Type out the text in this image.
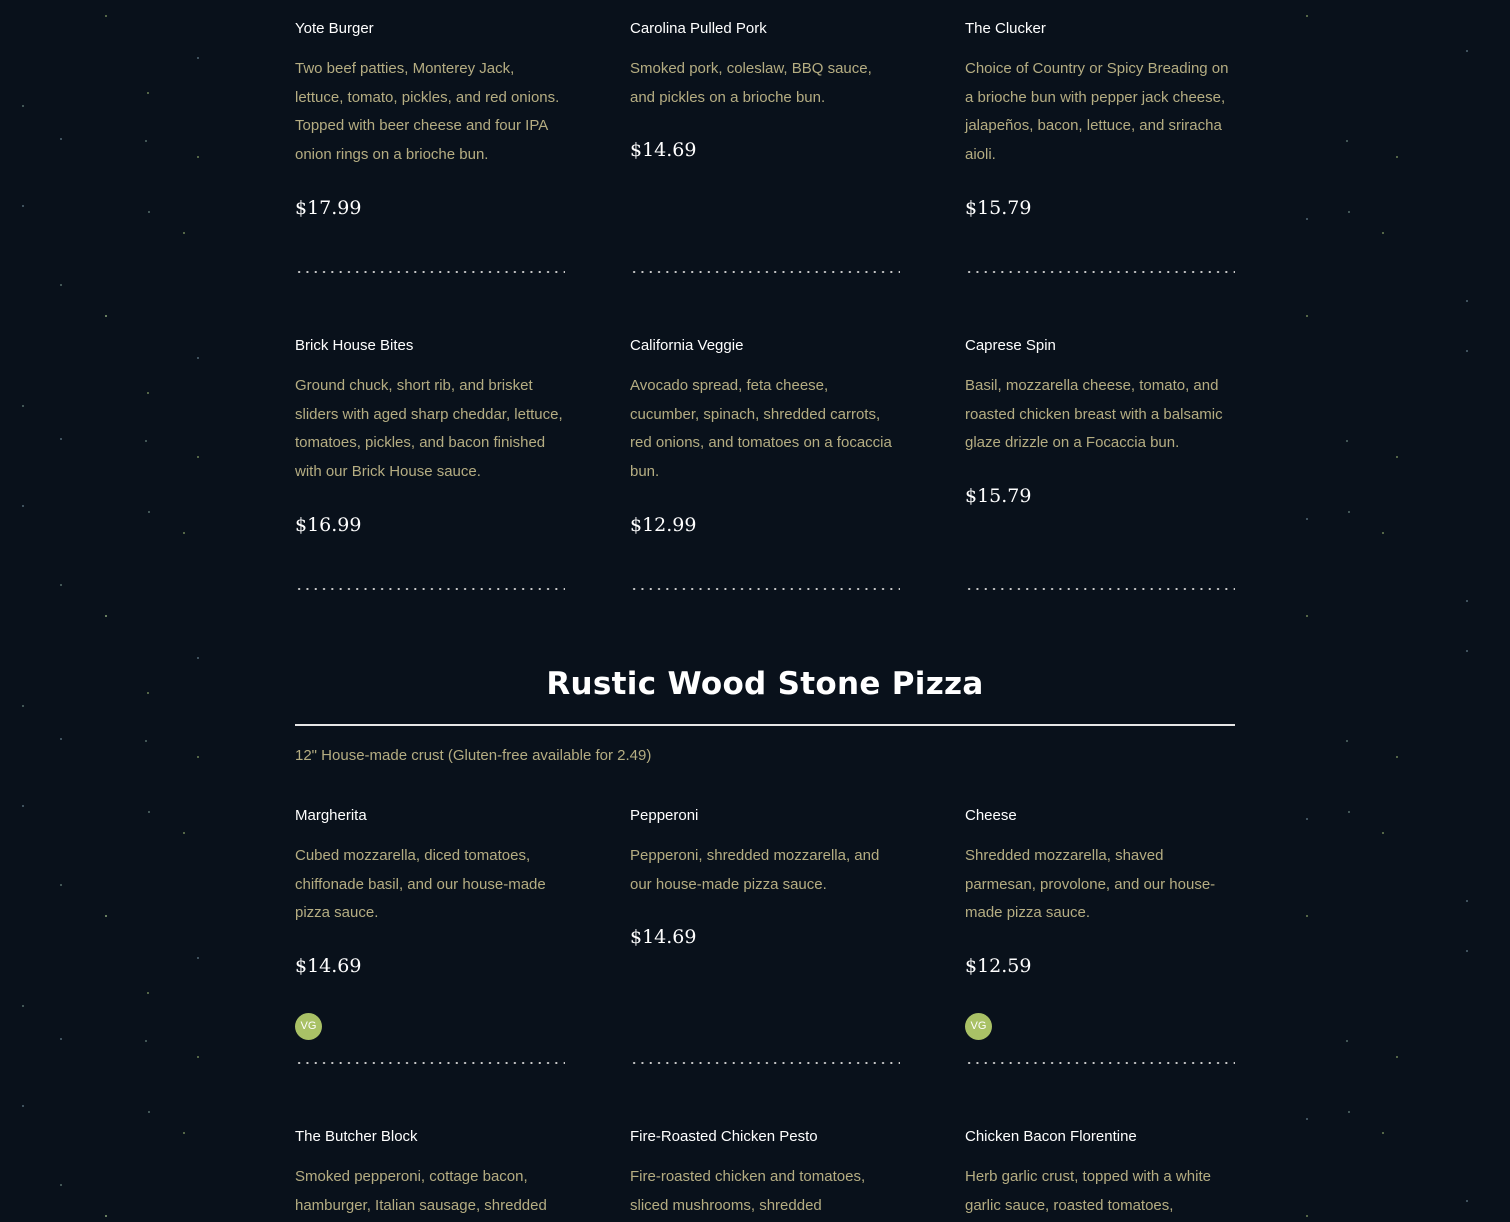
Yote Burger
Two beef patties, Monterey Jack, lettuce, tomato, pickles, and red onions. Topped with beer cheese and four IPA onion rings on a brioche bun.
$17.99
Carolina Pulled Pork
Smoked pork, coleslaw, BBQ sauce, and pickles on a brioche bun.
$14.69
The Clucker
Choice of Country or Spicy Breading on a brioche bun with pepper jack cheese, jalapeños, bacon, lettuce, and sriracha aioli.
$15.79
Brick House Bites
Ground chuck, short rib, and brisket sliders with aged sharp cheddar, lettuce, tomatoes, pickles, and bacon finished with our Brick House sauce.
$16.99
California Veggie
Avocado spread, feta cheese, cucumber, spinach, shredded carrots, red onions, and tomatoes on a focaccia bun.
$12.99
Caprese Spin
Basil, mozzarella cheese, tomato, and roasted chicken breast with a balsamic glaze drizzle on a Focaccia bun.
$15.79
Rustic Wood Stone Pizza
12" House-made crust (Gluten-free available for 2.49)
Margherita
Cubed mozzarella, diced tomatoes, chiffonade basil, and our house-made pizza sauce.
$14.69
Pepperoni
Pepperoni, shredded mozzarella, and our house-made pizza sauce.
$14.69
Cheese
Shredded mozzarella, shaved parmesan, provolone, and our house-made pizza sauce.
$12.59
VG	VG
The Butcher Block
Smoked pepperoni, cottage bacon, hamburger, Italian sausage, shredded
Fire-Roasted Chicken Pesto
Fire-roasted chicken and tomatoes, sliced mushrooms, shredded
Chicken Bacon Florentine
Herb garlic crust, topped with a white garlic sauce, roasted tomatoes,
